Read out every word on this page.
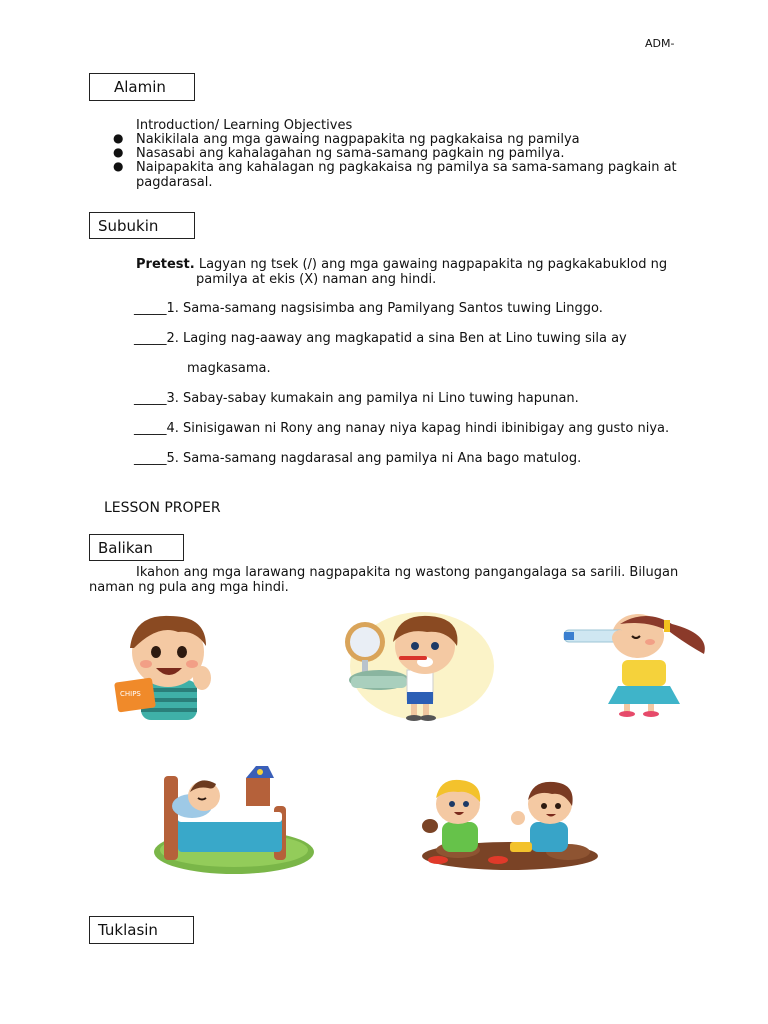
ADM-
Alamin
Introduction/ Learning Objectives
● Nakikilala ang mga gawaing nagpapakita ng pagkakaisa ng pamilya
● Nasasabi ang kahalagahan ng sama-samang pagkain ng pamilya.
● Naipapakita ang kahalagan ng pagkakaisa ng pamilya sa sama-samang pagkain at
pagdarasal.
Subukin
Pretest. Lagyan ng tsek (/) ang mga gawaing nagpapakita ng pagkakabuklod ng
pamilya at ekis (X) naman ang hindi.
_____1. Sama-samang nagsisimba ang Pamilyang Santos tuwing Linggo.
_____2. Laging nag-aaway ang magkapatid a sina Ben at Lino tuwing sila ay
magkasama.
_____3. Sabay-sabay kumakain ang pamilya ni Lino tuwing hapunan.
_____4. Sinisigawan ni Rony ang nanay niya kapag hindi ibinibigay ang gusto niya.
_____5. Sama-samang nagdarasal ang pamilya ni Ana bago matulog.
LESSON PROPER
Balikan
Ikahon ang mga larawang nagpapakita ng wastong pangangalaga sa sarili. Bilugan
naman ng pula ang mga hindi.
CHIPS
Tuklasin
